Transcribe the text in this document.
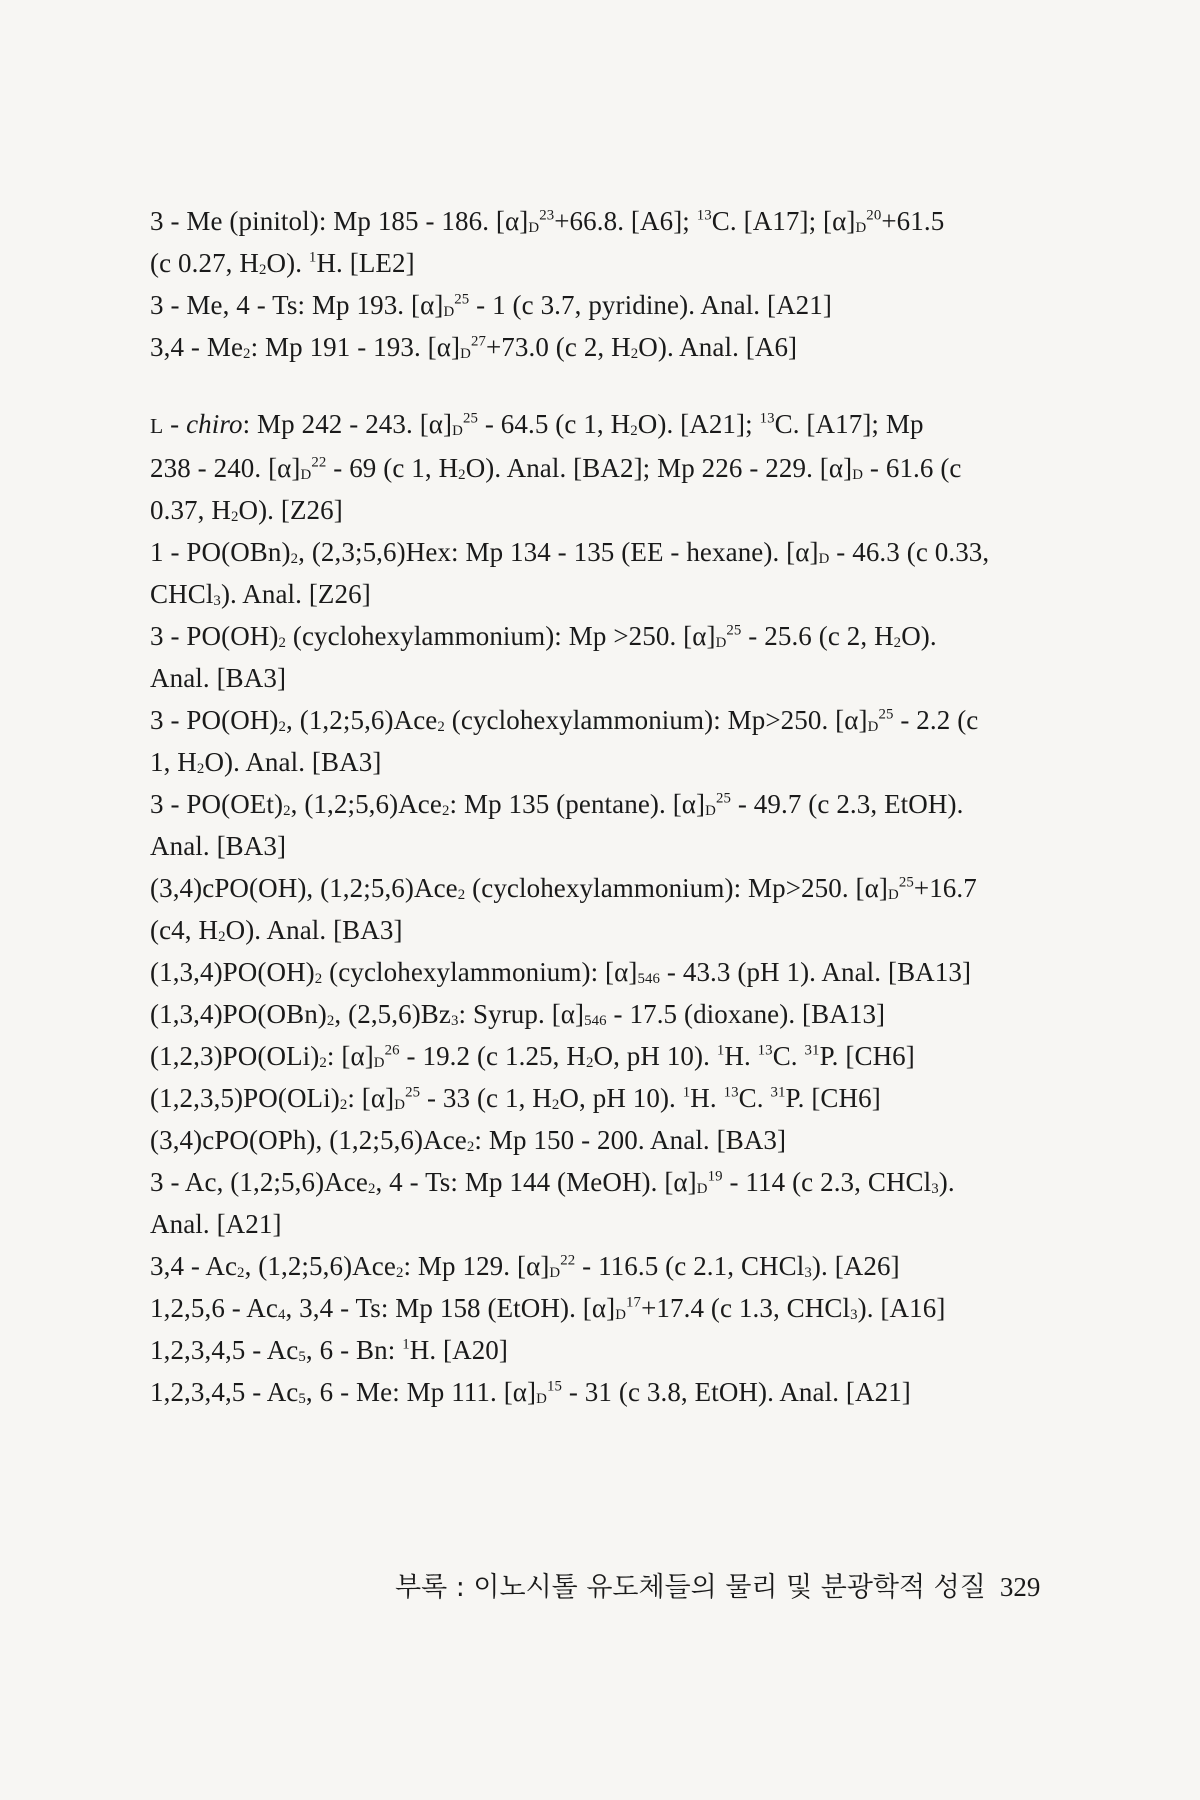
3 - Me (pinitol): Mp 185 - 186. $[\alpha]_D^{23}+66.8$. [A6]; $^{13}$C. [A17]; $[\alpha]_D^{20}+61.5$
(c 0.27, $H_2O$). $^1$H. [LE2]
3 - Me, 4 - Ts: Mp 193. $[\alpha]_D^{25} - 1$ (c 3.7, pyridine). Anal. [A21]
$3,4 - Me_2$: Mp 191 - 193. $[\alpha]_D^{27}+73.0$ (c 2, $H_2O$). Anal. [A6]
L - chiro: Mp 242 - 243. $[\alpha]_D^{25} - 64.5$ (c 1, $H_2O$). [A21]; $^{13}$C. [A17]; Mp
238 - 240. $[\alpha]_D^{22} - 69$ (c 1, $H_2O$). Anal. [BA2]; Mp 226 - 229. $[\alpha]_D - 61.6$ (c
0.37, $H_2O$). [Z26]
$1 - PO(OBn)_2$, (2,3;5,6)Hex: Mp 134 - 135 (EE - hexane). $[\alpha]_D - 46.3$ (c 0.33,
CHCl$_3$). Anal. [Z26]
$3 - PO(OH)_2$ (cyclohexylammonium): Mp >250. $[\alpha]_D^{25} - 25.6$ (c 2, $H_2O$).
Anal. [BA3]
$3 - PO(OH)_2$, (1,2;5,6)Ace$_2$ (cyclohexylammonium): Mp>250. $[\alpha]_D^{25} - 2.2$ (c
1, $H_2O$). Anal. [BA3]
$3 - PO(OEt)_2$, (1,2;5,6)Ace$_2$: Mp 135 (pentane). $[\alpha]_D^{25} - 49.7$ (c 2.3, EtOH).
Anal. [BA3]
(3,4)cPO(OH), (1,2;5,6)Ace$_2$ (cyclohexylammonium): Mp>250. $[\alpha]_D^{25}+16.7$
(c4, $H_2O$). Anal. [BA3]
$(1,3,4)PO(OH)_2$ (cyclohexylammonium): $[\alpha]_{546} - 43.3$ (pH 1). Anal. [BA13]
$(1,3,4)PO(OBn)_2$, $(2,5,6)Bz_3$: Syrup. $[\alpha]_{546} - 17.5$ (dioxane). [BA13]
$(1,2,3)PO(OLi)_2$: $[\alpha]_D^{26} - 19.2$ (c 1.25, $H_2O$, pH 10). $^1$H. $^{13}$C. $^{31}$P. [CH6]
$(1,2,3,5)PO(OLi)_2$: $[\alpha]_D^{25} - 33$ (c 1, $H_2O$, pH 10). $^1$H. $^{13}$C. $^{31}$P. [CH6]
(3,4)cPO(OPh), (1,2;5,6)Ace$_2$: Mp 150 - 200. Anal. [BA3]
3 - Ac, (1,2;5,6)Ace$_2$, 4 - Ts: Mp 144 (MeOH). $[\alpha]_D^{19} - 114$ (c 2.3, CHCl$_3$).
Anal. [A21]
$3,4 - Ac_2$, (1,2;5,6)Ace$_2$: Mp 129. $[\alpha]_D^{22} - 116.5$ (c 2.1, CHCl$_3$). [A26]
$1,2,5,6 - Ac_4$, 3,4 - Ts: Mp 158 (EtOH). $[\alpha]_D^{17}+17.4$ (c 1.3, CHCl$_3$). [A16]
$1,2,3,4,5 - Ac_5$, 6 - Bn: $^1$H. [A20]
$1,2,3,4,5 - Ac_5$, 6 - Me: Mp 111. $[\alpha]_D^{15} - 31$ (c 3.8, EtOH). Anal. [A21]
부록 : 이노시톨 유도체들의 물리 및 분광학적 성질 329
